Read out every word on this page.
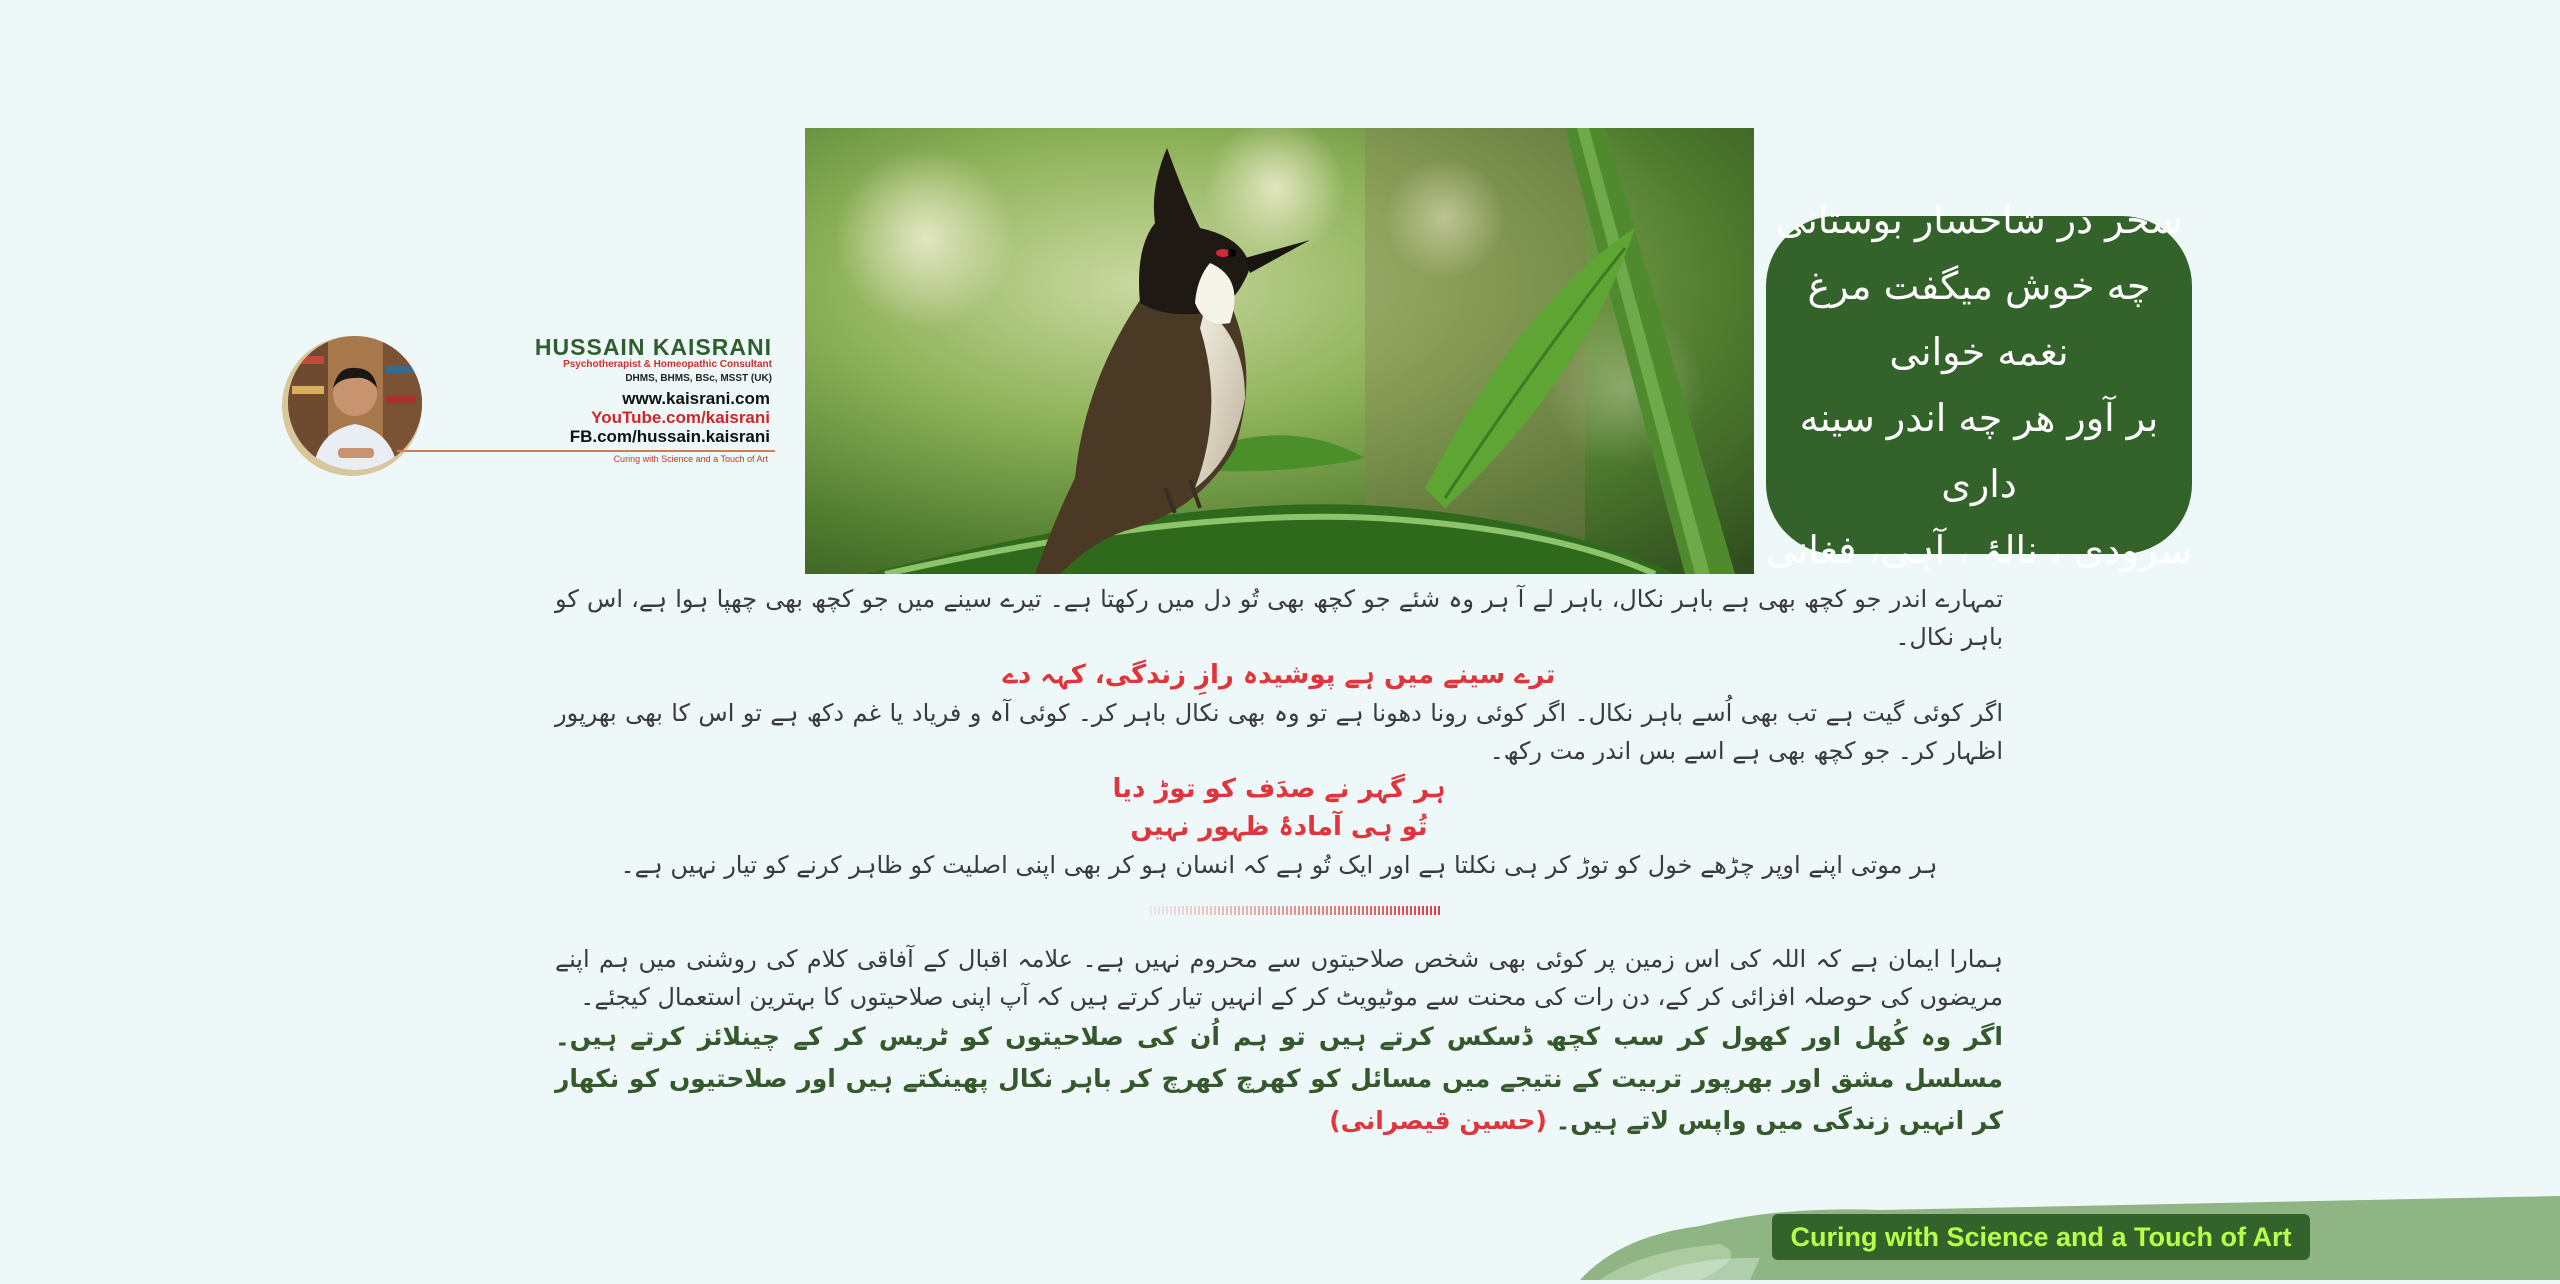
سحر در شاخسار بوستانی
چه خوش میگفت مرغ نغمه خوانی
بر آور هر چه اندر سینه داری
سرودی ، نالۂ ، آہی، فغانی
HUSSAIN KAISRANI
Psychotherapist & Homeopathic Consultant
DHMS, BHMS, BSc, MSST (UK)
www.kaisrani.com
YouTube.com/kaisrani
FB.com/hussain.kaisrani
Curing with Science and a Touch of Art

تمہارے اندر جو کچھ بھی ہے باہر نکال، باہر لے آ ہر وہ شئے جو کچھ بھی تُو دل میں رکھتا ہے۔ تیرے سینے میں جو کچھ بھی چھپا ہوا ہے، اس کو باہر نکال۔

ترے سینے میں ہے پوشیدہ رازِ زندگی، کہہ دے

اگر کوئی گیت ہے تب بھی اُسے باہر نکال۔ اگر کوئی رونا دھونا ہے تو وہ بھی نکال باہر کر۔ کوئی آہ و فریاد یا غم دکھ ہے تو اس کا بھی بھرپور اظہار کر۔ جو کچھ بھی ہے اسے بس اندر مت رکھ۔

ہر گہر نے صدَف کو توڑ دیا

تُو ہی آمادۂ ظہور نہیں

ہر موتی اپنے اوپر چڑھے خول کو توڑ کر ہی نکلتا ہے اور ایک تُو ہے کہ انسان ہو کر بھی اپنی اصلیت کو ظاہر کرنے کو تیار نہیں ہے۔

ہمارا ایمان ہے کہ اللہ کی اس زمین پر کوئی بھی شخص صلاحیتوں سے محروم نہیں ہے۔ علامہ اقبال کے آفاقی کلام کی روشنی میں ہم اپنے مریضوں کی حوصلہ افزائی کر کے، دن رات کی محنت سے موٹیویٹ کر کے انہیں تیار کرتے ہیں کہ آپ اپنی صلاحیتوں کا بہترین استعمال کیجئے۔

اگر وہ کُھل اور کھول کر سب کچھ ڈسکس کرتے ہیں تو ہم اُن کی صلاحیتوں کو ٹریس کر کے چینلائز کرتے ہیں۔ مسلسل مشق اور بھرپور تربیت کے نتیجے میں مسائل کو کھرچ کھرچ کر باہر نکال پھینکتے ہیں اور صلاحتیوں کو نکھار کر انہیں زندگی میں واپس لاتے ہیں۔ (حسین قیصرانی)

Curing with Science and a Touch of Art
